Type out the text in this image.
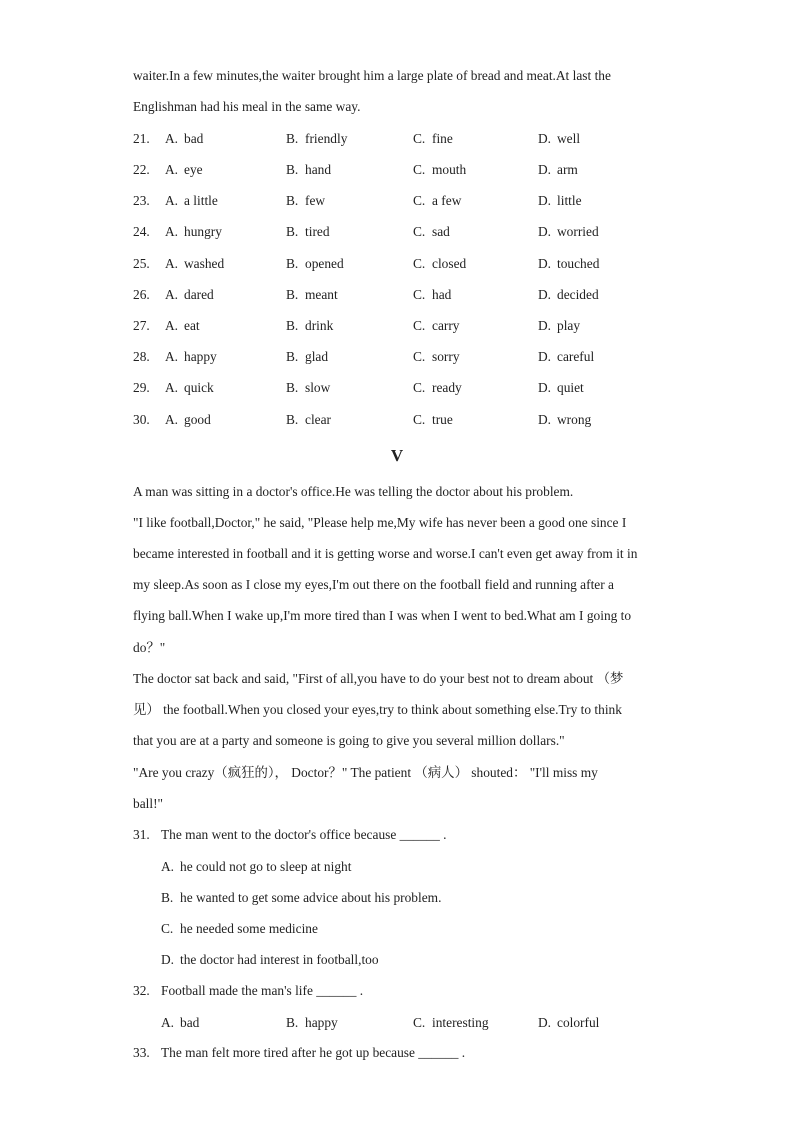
waiter.In a few minutes,the waiter brought him a large plate of bread and meat.At last the
Englishman had his meal in the same way.
21. A. bad	B. friendly	C. fine	D. well
22. A. eye	B. hand	C. mouth	D. arm
23. A. a little	B. few	C. a few	D. little
24. A. hungry	B. tired	C. sad	D. worried
25. A. washed	B. opened	C. closed	D. touched
26. A. dared	B. meant	C. had	D. decided
27. A. eat	B. drink	C. carry	D. play
28. A. happy	B. glad	C. sorry	D. careful
29. A. quick	B. slow	C. ready	D. quiet
30. A. good	B. clear	C. true	D. wrong
V
A man was sitting in a doctor's office.He was telling the doctor about his problem.
"I like football,Doctor," he said, "Please help me,My wife has never been a good one since I
became interested in football and it is getting worse and worse.I can't even get away from it in
my sleep.As soon as I close my eyes,I'm out there on the football field and running after a
flying ball.When I wake up,I'm more tired than I was when I went to bed.What am I going to
do？"
The doctor sat back and said, "First of all,you have to do your best not to dream about （梦
见） the football.When you closed your eyes,try to think about something else.Try to think
that you are at a party and someone is going to give you several million dollars."
"Are you crazy（疯狂的）， Doctor？" The patient （病人） shouted： "I'll miss my
ball!"
31. The man went to the doctor's office because ______ .
A. he could not go to sleep at night
B. he wanted to get some advice about his problem.
C. he needed some medicine
D. the doctor had interest in football,too
32. Football made the man's life ______ .
A. bad	B. happy	C. interesting	D. colorful
33. The man felt more tired after he got up because ______ .
